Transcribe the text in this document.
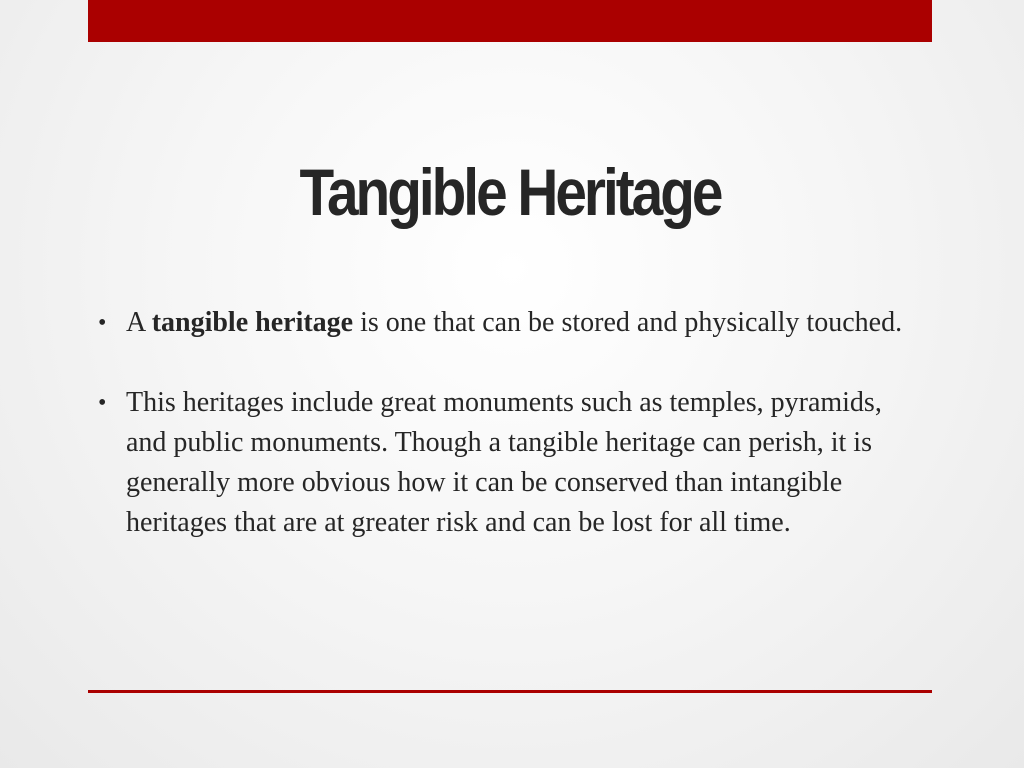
Tangible Heritage
• A tangible heritage is one that can be stored and physically touched.
• This heritages include great monuments such as temples, pyramids, and public monuments. Though a tangible heritage can perish, it is generally more obvious how it can be conserved than intangible heritages that are at greater risk and can be lost for all time.
